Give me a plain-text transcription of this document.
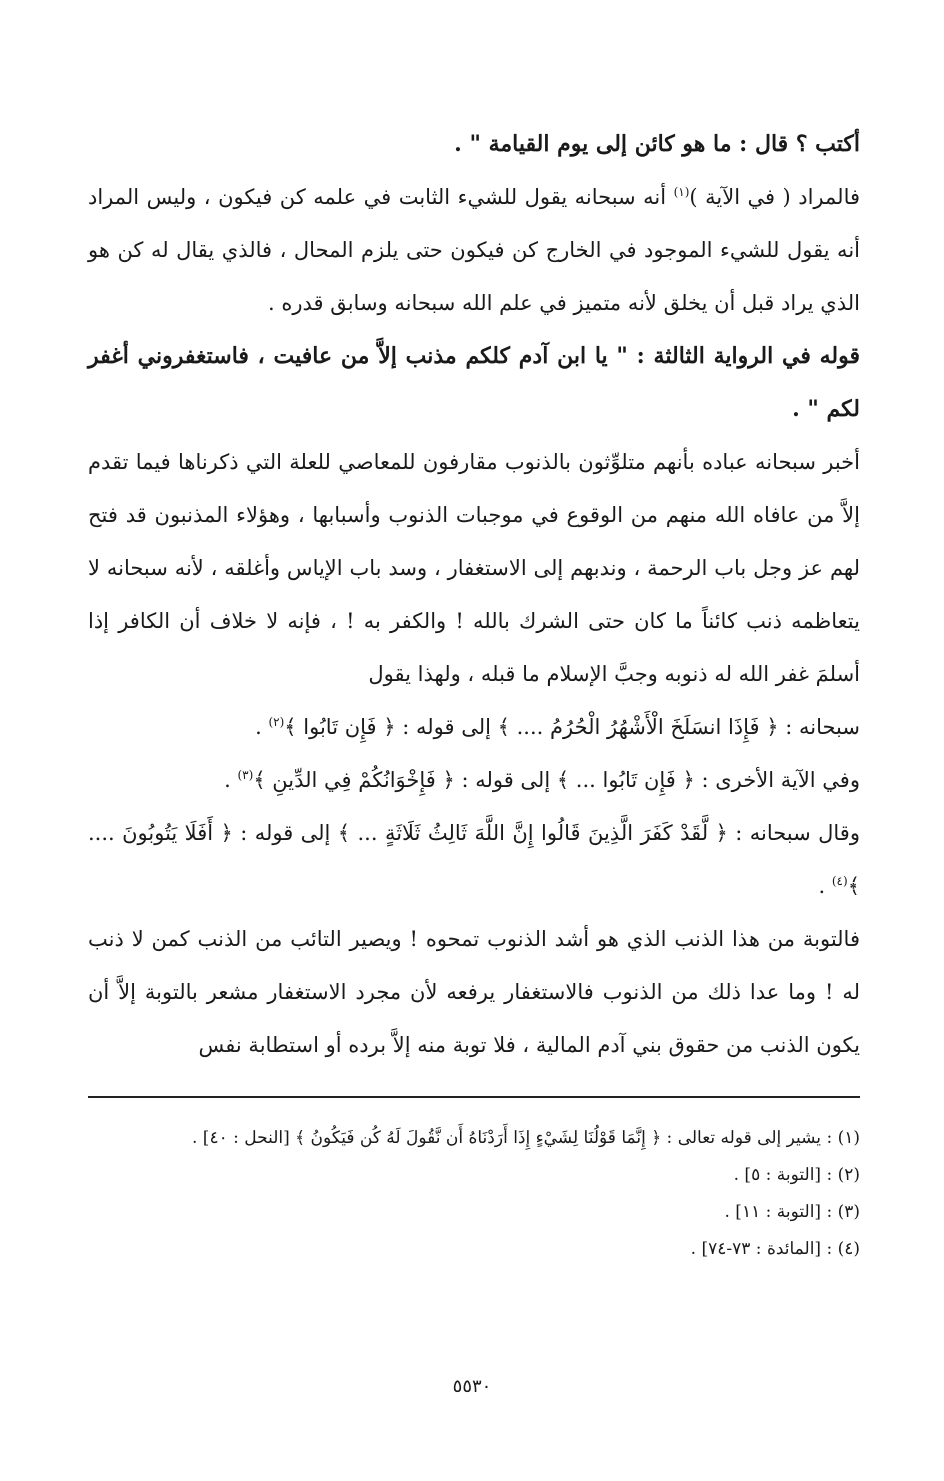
أكتب ؟ قال : ما هو كائن إلى يوم القيامة " .

فالمراد ( في الآية )$^{(١)}$ أنه سبحانه يقول للشيء الثابت في علمه كن فيكون ، وليس المراد أنه يقول للشيء الموجود في الخارج كن فيكون حتى يلزم المحال ، فالذي يقال له كن هو الذي يراد قبل أن يخلق لأنه متميز في علم الله سبحانه وسابق قدره .

قوله في الرواية الثالثة : " يا ابن آدم كلكم مذنب إلاَّ من عافيت ، فاستغفروني أغفر لكم " .

أخبر سبحانه عباده بأنهم متلوِّثون بالذنوب مقارفون للمعاصي للعلة التي ذكرناها فيما تقدم إلاَّ من عافاه الله منهم من الوقوع في موجبات الذنوب وأسبابها ، وهؤلاء المذنبون قد فتح لهم عز وجل باب الرحمة ، وندبهم إلى الاستغفار ، وسد باب الإياس وأغلقه ، لأنه سبحانه لا يتعاظمه ذنب كائناً ما كان حتى الشرك بالله ! والكفر به ! ، فإنه لا خلاف أن الكافر إذا أسلمَ غفر الله له ذنوبه وجبَّ الإسلام ما قبله ، ولهذا يقول

سبحانه : ﴿ فَإِذَا انسَلَخَ الْأَشْهُرُ الْحُرُمُ .... ﴾ إلى قوله : ﴿ فَإِن تَابُوا ﴾$^{(٢)}$ .

وفي الآية الأخرى : ﴿ فَإِن تَابُوا ... ﴾ إلى قوله : ﴿ فَإِخْوَانُكُمْ فِي الدِّينِ ﴾$^{(٣)}$ .

وقال سبحانه : ﴿ لَّقَدْ كَفَرَ الَّذِينَ قَالُوا إِنَّ اللَّهَ ثَالِثُ ثَلَاثَةٍ ... ﴾ إلى قوله : ﴿ أَفَلَا يَتُوبُونَ .... ﴾$^{(٤)}$ .

فالتوبة من هذا الذنب الذي هو أشد الذنوب تمحوه ! ويصير التائب من الذنب كمن لا ذنب له ! وما عدا ذلك من الذنوب فالاستغفار يرفعه لأن مجرد الاستغفار مشعر بالتوبة إلاَّ أن يكون الذنب من حقوق بني آدم المالية ، فلا توبة منه إلاَّ برده أو استطابة نفس

(١) : يشير إلى قوله تعالى : ﴿ إِنَّمَا قَوْلُنَا لِشَيْءٍ إِذَا أَرَدْنَاهُ أَن نَّقُولَ لَهُ كُن فَيَكُونُ ﴾ [النحل : ٤٠] .
(٢) : [التوبة : ٥] .
(٣) : [التوبة : ١١] .
(٤) : [المائدة : ٧٣-٧٤] .
٥٥٣٠
